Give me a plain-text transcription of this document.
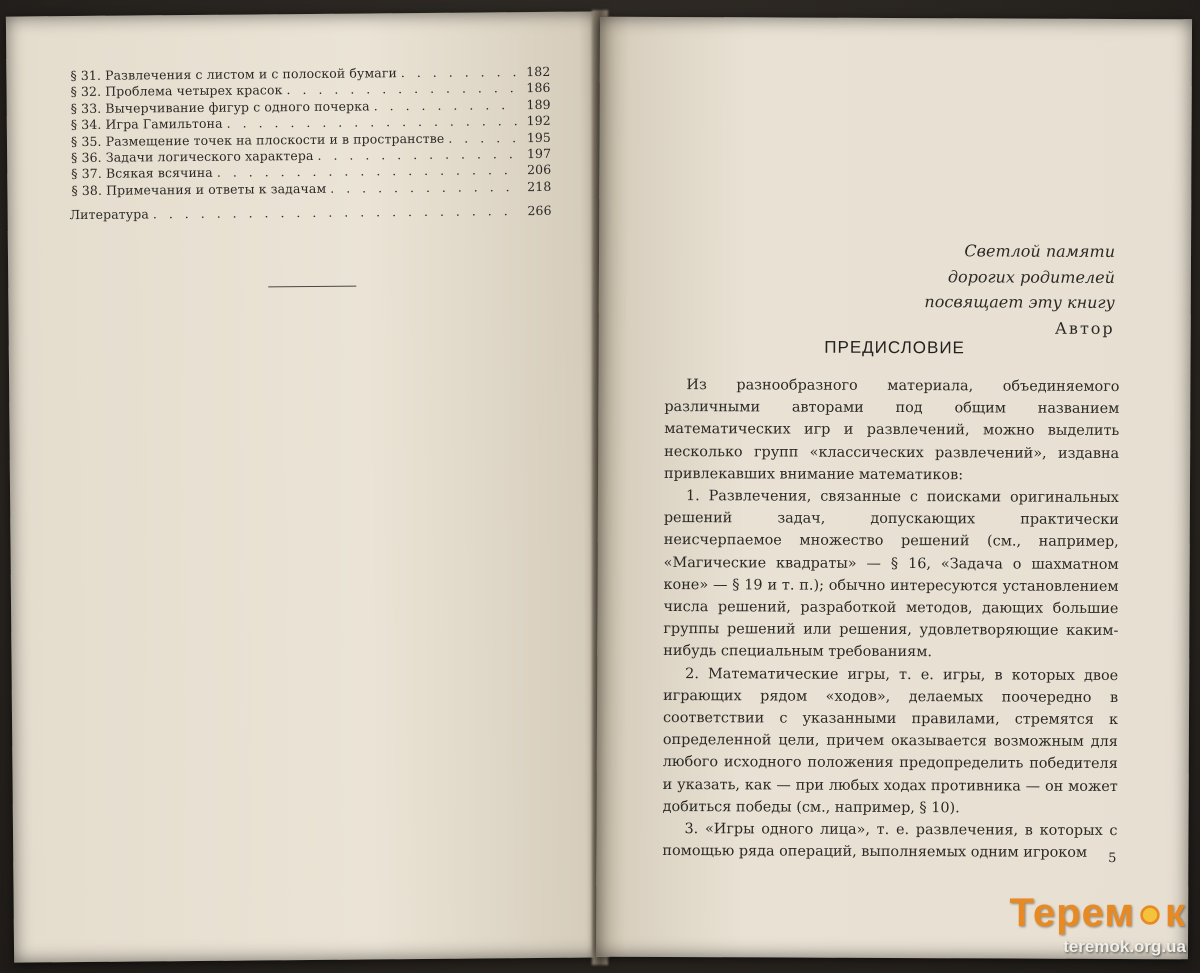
§ 31. Развлечения с листом и с полоской бумаги . . .	182
§ 32. Проблема четырех красок . . .	186
§ 33. Вычерчивание фигур с одного почерка . . .	189
§ 34. Игра Гамильтона . . .	192
§ 35. Размещение точек на плоскости и в пространстве . . .	195
§ 36. Задачи логического характера . . .	197
§ 37. Всякая всячина . . .	206
§ 38. Примечания и ответы к задачам . . .	218
Литература . . .	266
Светлой памяти
дорогих родителей
посвящает эту книгу
Автор
ПРЕДИСЛОВИЕ

Из разнообразного материала, объединяемого различными авторами под общим названием математических игр и развлечений, можно выделить несколько групп «классических развлечений», издавна привлекавших внимание математиков:

1. Развлечения, связанные с поисками оригинальных решений задач, допускающих практически неисчерпаемое множество решений (см., например, «Магические квадраты» — § 16, «Задача о шахматном коне» — § 19 и т. п.); обычно интересуются установлением числа решений, разработкой методов, дающих большие группы решений или решения, удовлетворяющие каким-нибудь специальным требованиям.

2. Математические игры, т. е. игры, в которых двое играющих рядом «ходов», делаемых поочередно в соответствии с указанными правилами, стремятся к определенной цели, причем оказывается возможным для любого исходного положения предопределить победителя и указать, как — при любых ходах противника — он может добиться победы (см., например, § 10).

3. «Игры одного лица», т. е. развлечения, в которых с помощью ряда операций, выполняемых одним игроком	5
Терем к
teremok.org.ua
